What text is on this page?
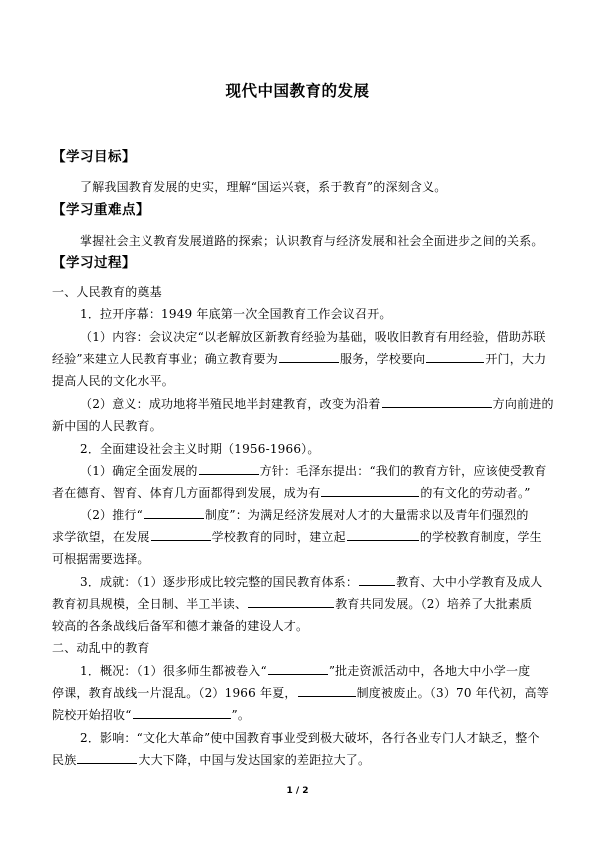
现代中国教育的发展
【学习目标】
了解我国教育发展的史实，理解“国运兴衰，系于教育”的深刻含义。
【学习重难点】
掌握社会主义教育发展道路的探索；认识教育与经济发展和社会全面进步之间的关系。
【学习过程】
一、人民教育的奠基
1．拉开序幕：1949 年底第一次全国教育工作会议召开。
（1）内容：会议决定“以老解放区新教育经验为基础，吸收旧教育有用经验，借助苏联
经验”来建立人民教育事业；确立教育要为	服务，学校要向	开门，大力
提高人民的文化水平。
（2）意义：成功地将半殖民地半封建教育，改变为沿着	方向前进的
新中国的人民教育。
2．全面建设社会主义时期（1956-1966）。
（1）确定全面发展的	方针：毛泽东提出：“我们的教育方针，应该使受教育
者在德育、智育、体育几方面都得到发展，成为有	的有文化的劳动者。”
（2）推行“	制度”：为满足经济发展对人才的大量需求以及青年们强烈的
求学欲望，在发展	学校教育的同时，建立起	的学校教育制度，学生
可根据需要选择。
3．成就：（1）逐步形成比较完整的国民教育体系：	教育、大中小学教育及成人
教育初具规模，全日制、半工半读、	教育共同发展。（2）培养了大批素质
较高的各条战线后备军和德才兼备的建设人才。
二、动乱中的教育
1．概况：（1）很多师生都被卷入“	”批走资派活动中，各地大中小学一度
停课，教育战线一片混乱。（2）1966 年夏，	制度被废止。（3）70 年代初，高等
院校开始招收“	”。
2．影响：“文化大革命”使中国教育事业受到极大破坏，各行各业专门人才缺乏，整个
民族	大大下降，中国与发达国家的差距拉大了。
1 / 2
